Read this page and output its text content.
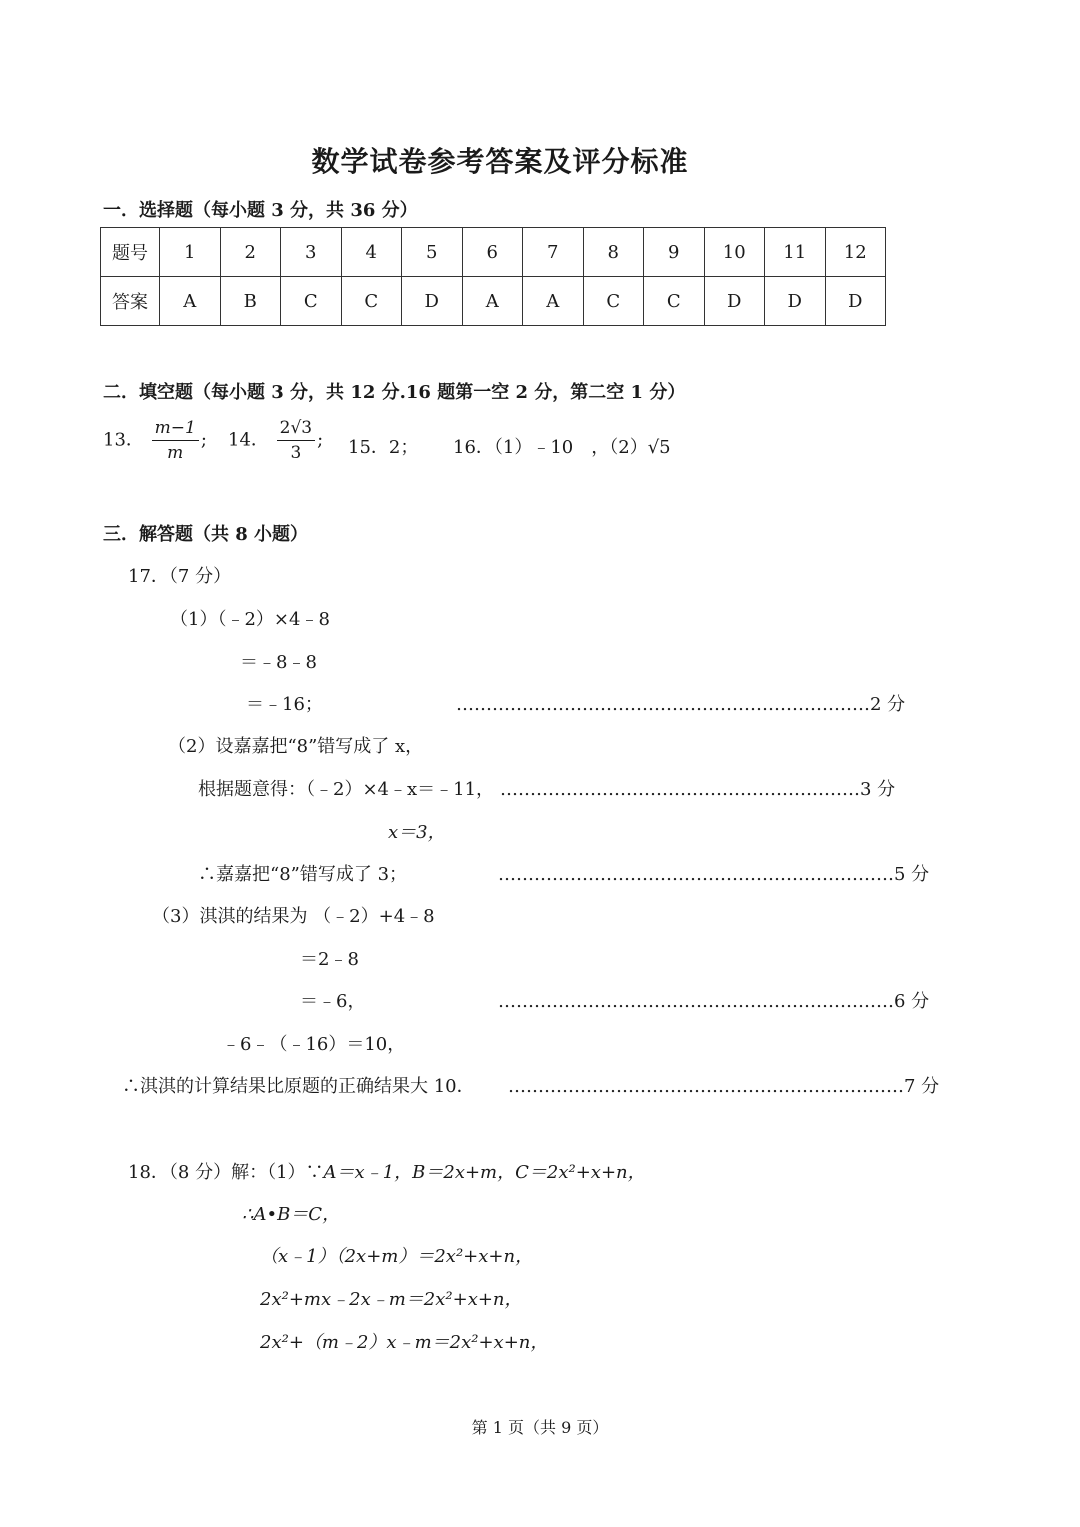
数学试卷参考答案及评分标准
一．选择题（每小题 3 分，共 36 分）
题号	1	2	3	4	5	6	7	8	9	10	11	12
答案	A	B	C	C	D	A	A	C	C	D	D	D
二．填空题（每小题 3 分，共 12 分.16 题第一空 2 分，第二空 1 分）
13． $\frac{m-1}{m}$ ; 14． $\frac{2√3}{3}$ ; 15．2； 16．（1）﹣10　，（2）√5
三．解答题（共 8 小题）
17．（7 分）
（1）（﹣2）×4﹣8
＝﹣8﹣8
＝﹣16；	……………………………………………………………2 分
（2）设嘉嘉把“8”错写成了 x，
根据题意得：（﹣2）×4﹣x＝﹣11， ……………………………………………………3 分
x＝3，
∴嘉嘉把“8”错写成了 3；	…………………………………………………………5 分
（3）淇淇的结果为 （﹣2）+4﹣8
＝2﹣8
＝﹣6，	…………………………………………………………6 分
﹣6﹣（﹣16）＝10，
∴淇淇的计算结果比原题的正确结果大 10． …………………………………………………………7 分
18．（8 分）解：（1）∵A＝x﹣1，B＝2x+m，C＝2x²+x+n，
∴A•B＝C，
（x﹣1）（2x+m）＝2x²+x+n，
2x²+mx﹣2x﹣m＝2x²+x+n，
2x²+（m﹣2）x﹣m＝2x²+x+n，
第 1 页（共 9 页）
